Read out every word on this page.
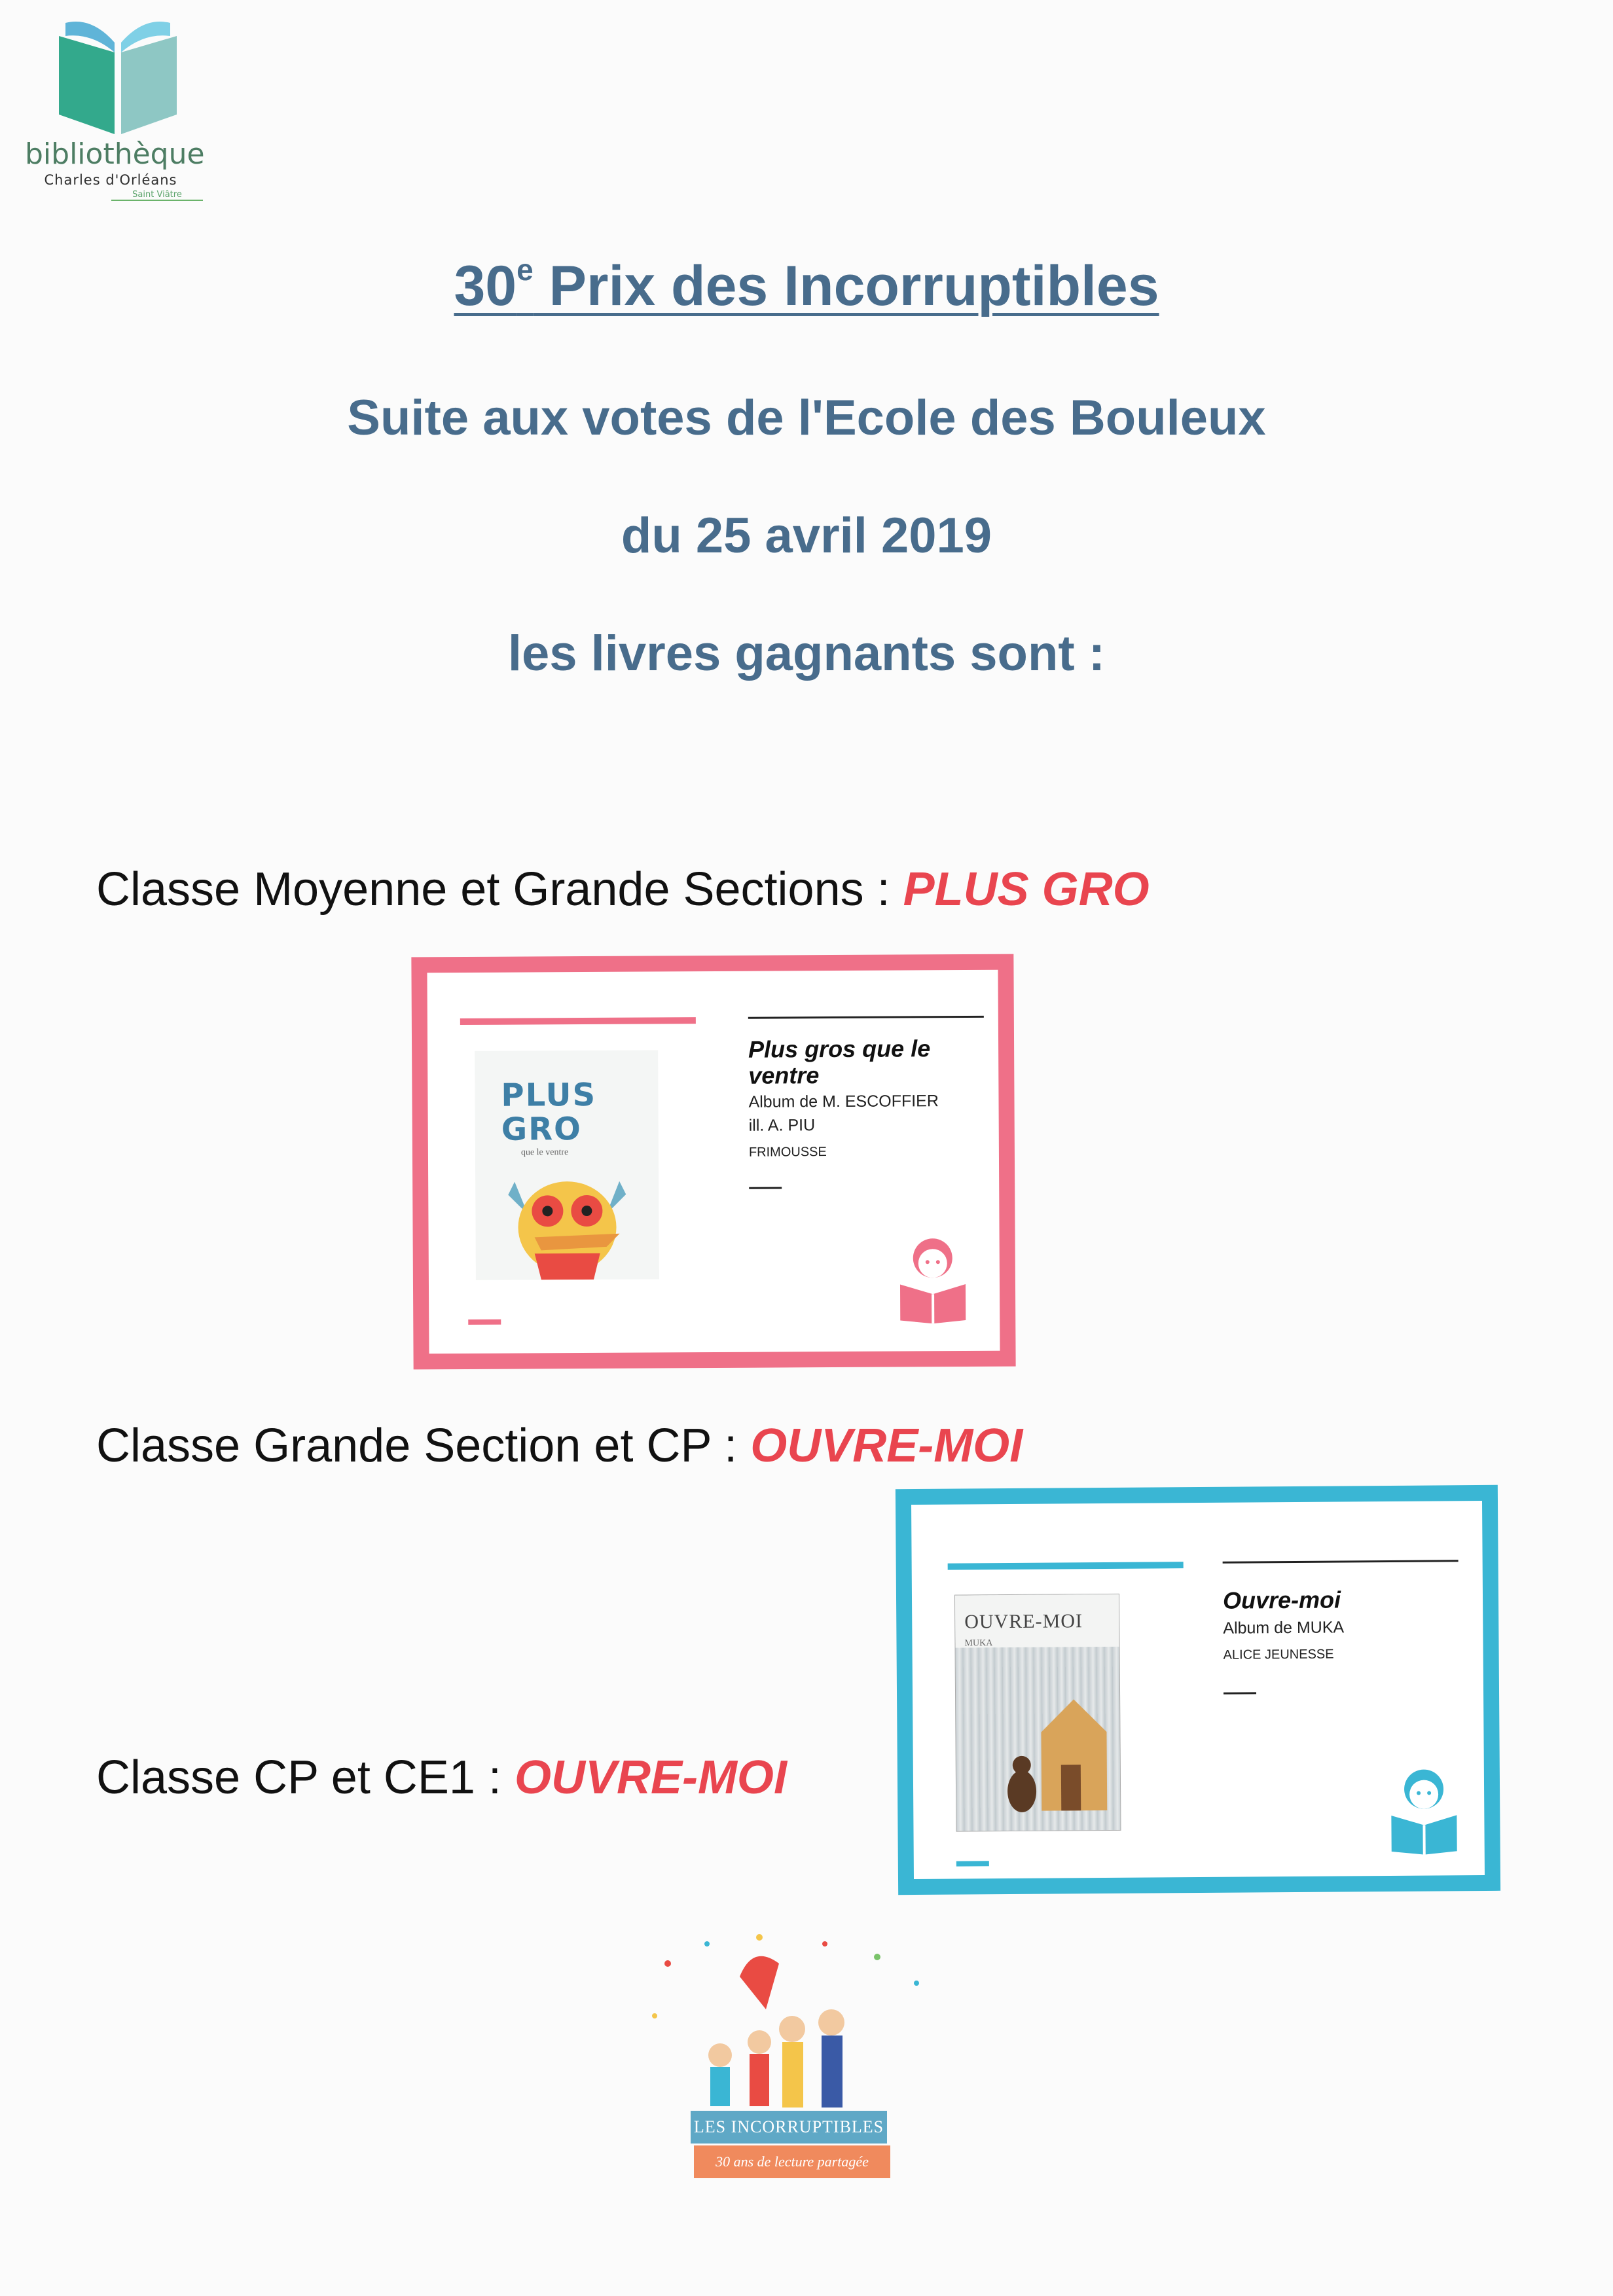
bibliothèque
Charles d'Orléans
Saint Viâtre
30e Prix des Incorruptibles
Suite aux votes de l'Ecole des Bouleux
du 25 avril 2019
les livres gagnants sont :
Classe Moyenne et Grande Sections : PLUS GRO
Classe Grande Section et CP : OUVRE-MOI
Classe CP et CE1 : OUVRE-MOI
PLUS
GRO
que le ventre
Plus gros que le ventre
Album de M. ESCOFFIER
ill. A. PIU
FRIMOUSSE
OUVRE-MOI
MUKA
Ouvre-moi
Album de MUKA
ALICE JEUNESSE
LES INCORRUPTIBLES
30 ans de lecture partagée
